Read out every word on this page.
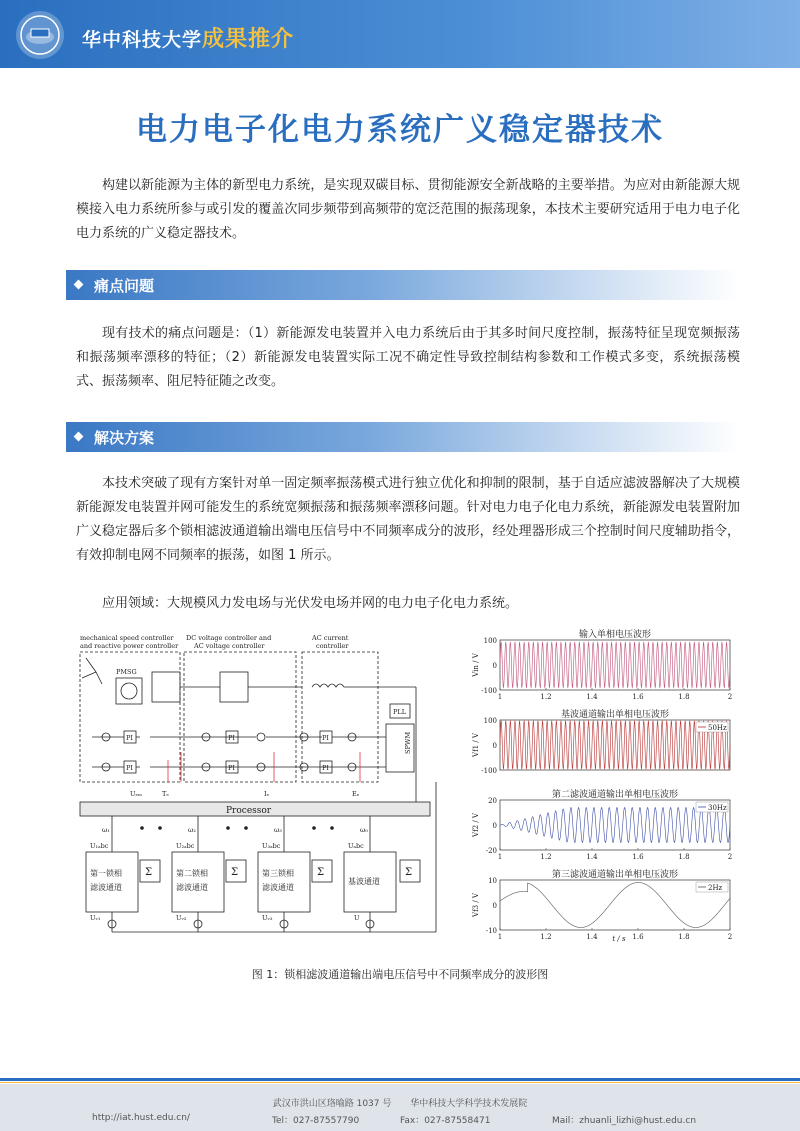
华中科技大学成果推介
电力电子化电力系统广义稳定器技术

构建以新能源为主体的新型电力系统，是实现双碳目标、贯彻能源安全新战略的主要举措。为应对由新能源大规模接入电力系统所参与或引发的覆盖次同步频带到高频带的宽泛范围的振荡现象，本技术主要研究适用于电力电子化电力系统的广义稳定器技术。

痛点问题

现有技术的痛点问题是：（1）新能源发电装置并入电力系统后由于其多时间尺度控制，振荡特征呈现宽频振荡和振荡频率漂移的特征；（2）新能源发电装置实际工况不确定性导致控制结构参数和工作模式多变，系统振荡模式、振荡频率、阻尼特征随之改变。

解决方案

本技术突破了现有方案针对单一固定频率振荡模式进行独立优化和抑制的限制，基于自适应滤波器解决了大规模新能源发电装置并网可能发生的系统宽频振荡和振荡频率漂移问题。针对电力电子化电力系统，新能源发电装置附加广义稳定器后多个锁相滤波通道输出端电压信号中不同频率成分的波形，经处理器形成三个控制时间尺度辅助指令，有效抑制电网不同频率的振荡，如图 1 所示。

应用领域：大规模风力发电场与光伏发电场并网的电力电子化电力系统。

mechanical speed controller
and reactive power controller
DC voltage controller and
AC voltage controller
AC current
controller
PMSG
PLL
SPWM
PI
PI
PI
PI
PI
PI
Uₑₘ	Tₑ	Iₑ	Eₑ
ω₁	ω₂	ω₃	ω₀
U₁ₐbc	U₂ₐbc	U₃ₐbc	Uₐbc
Uᵥ₁	Uᵥ₂	Uᵥ₃	U
Processor
第一锁相
滤波通道
第二锁相
滤波通道
第三锁相
滤波通道
基波通道
Σ	Σ	Σ	Σ
输入单相电压波形
-100
0
100
1	1.2	1.4	1.6	1.8	2
Vin / V
基波通道输出单相电压波形
-100
0
100
Vf1 / V
50Hz
第二滤波通道输出单相电压波形
-20
0
20
1	1.2	1.4	1.6	1.8	2
Vf2 / V
30Hz
第三滤波通道输出单相电压波形
-10
0
10
1	1.2	1.4	1.6	1.8	2
Vf3 / V
2Hz
t / s
图 1：锁相滤波通道输出端电压信号中不同频率成分的波形图
武汉市洪山区珞喻路 1037 号 华中科技大学科学技术发展院
http://iat.hust.edu.cn/	Tel：027-87557790	Fax：027-87558471	Mail：zhuanli_lizhi@hust.edu.cn
